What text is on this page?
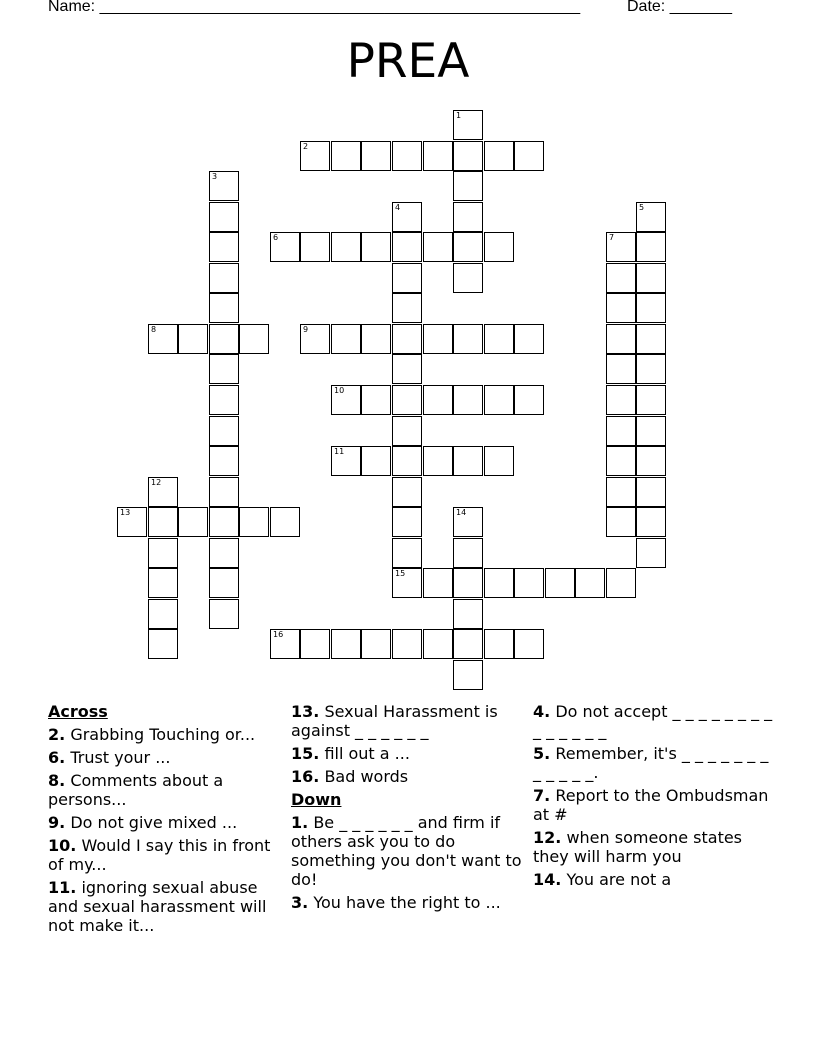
Name: ______________________________________________________	Date: _______
PREA
1
2
3
4	5
6	7
8	9
10
11
12
13	14
15
16
Across
2. Grabbing Touching or...
6. Trust your ...
8. Comments about a persons...
9. Do not give mixed ...
10. Would I say this in front of my...
11. ignoring sexual abuse and sexual harassment will not make it...
13. Sexual Harassment is against _ _ _ _ _ _
15. fill out a ...
16. Bad words
Down
1. Be _ _ _ _ _ _ and firm if others ask you to do something you don't want to do!
3. You have the right to ...
4. Do not accept _ _ _ _ _ _ _ _ _ _ _ _ _ _
5. Remember, it's _ _ _ _ _ _ _ _ _ _ _ _.
7. Report to the Ombudsman at #
12. when someone states they will harm you
14. You are not a
